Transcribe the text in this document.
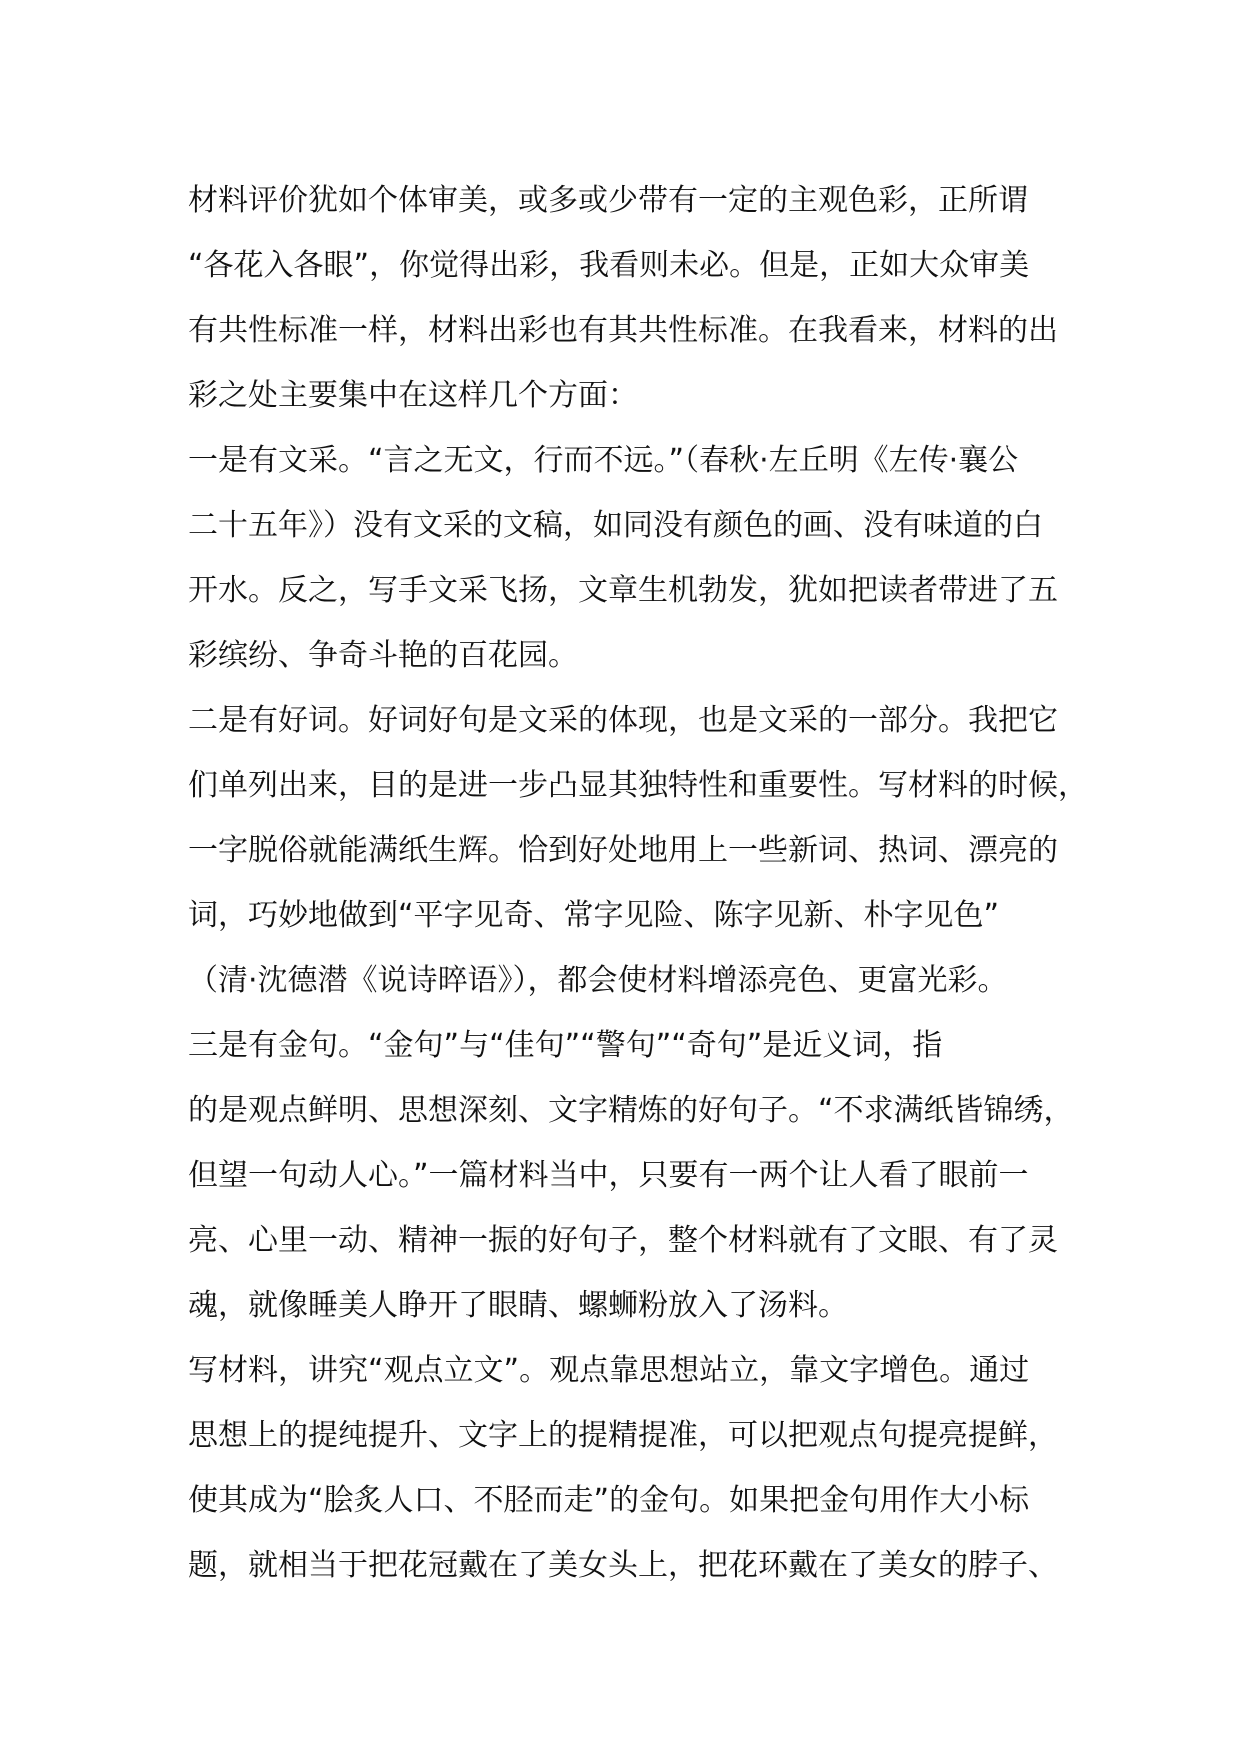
材料评价犹如个体审美，或多或少带有一定的主观色彩，正所谓
“各花入各眼”，你觉得出彩，我看则未必。但是，正如大众审美
有共性标准一样，材料出彩也有其共性标准。在我看来，材料的出
彩之处主要集中在这样几个方面：
一是有文采。“言之无文，行而不远。”（春秋·左丘明《左传·襄公
二十五年》）没有文采的文稿，如同没有颜色的画、没有味道的白
开水。反之，写手文采飞扬，文章生机勃发，犹如把读者带进了五
彩缤纷、争奇斗艳的百花园。
二是有好词。好词好句是文采的体现，也是文采的一部分。我把它
们单列出来，目的是进一步凸显其独特性和重要性。写材料的时候，
一字脱俗就能满纸生辉。恰到好处地用上一些新词、热词、漂亮的
词，巧妙地做到“平字见奇、常字见险、陈字见新、朴字见色”
（清·沈德潜《说诗晬语》），都会使材料增添亮色、更富光彩。
三是有金句。“金句”与“佳句”“警句”“奇句”是近义词，指
的是观点鲜明、思想深刻、文字精炼的好句子。“不求满纸皆锦绣，
但望一句动人心。”一篇材料当中，只要有一两个让人看了眼前一
亮、心里一动、精神一振的好句子，整个材料就有了文眼、有了灵
魂，就像睡美人睁开了眼睛、螺蛳粉放入了汤料。
写材料，讲究“观点立文”。观点靠思想站立，靠文字增色。通过
思想上的提纯提升、文字上的提精提准，可以把观点句提亮提鲜，
使其成为“脍炙人口、不胫而走”的金句。如果把金句用作大小标
题，就相当于把花冠戴在了美女头上，把花环戴在了美女的脖子、
